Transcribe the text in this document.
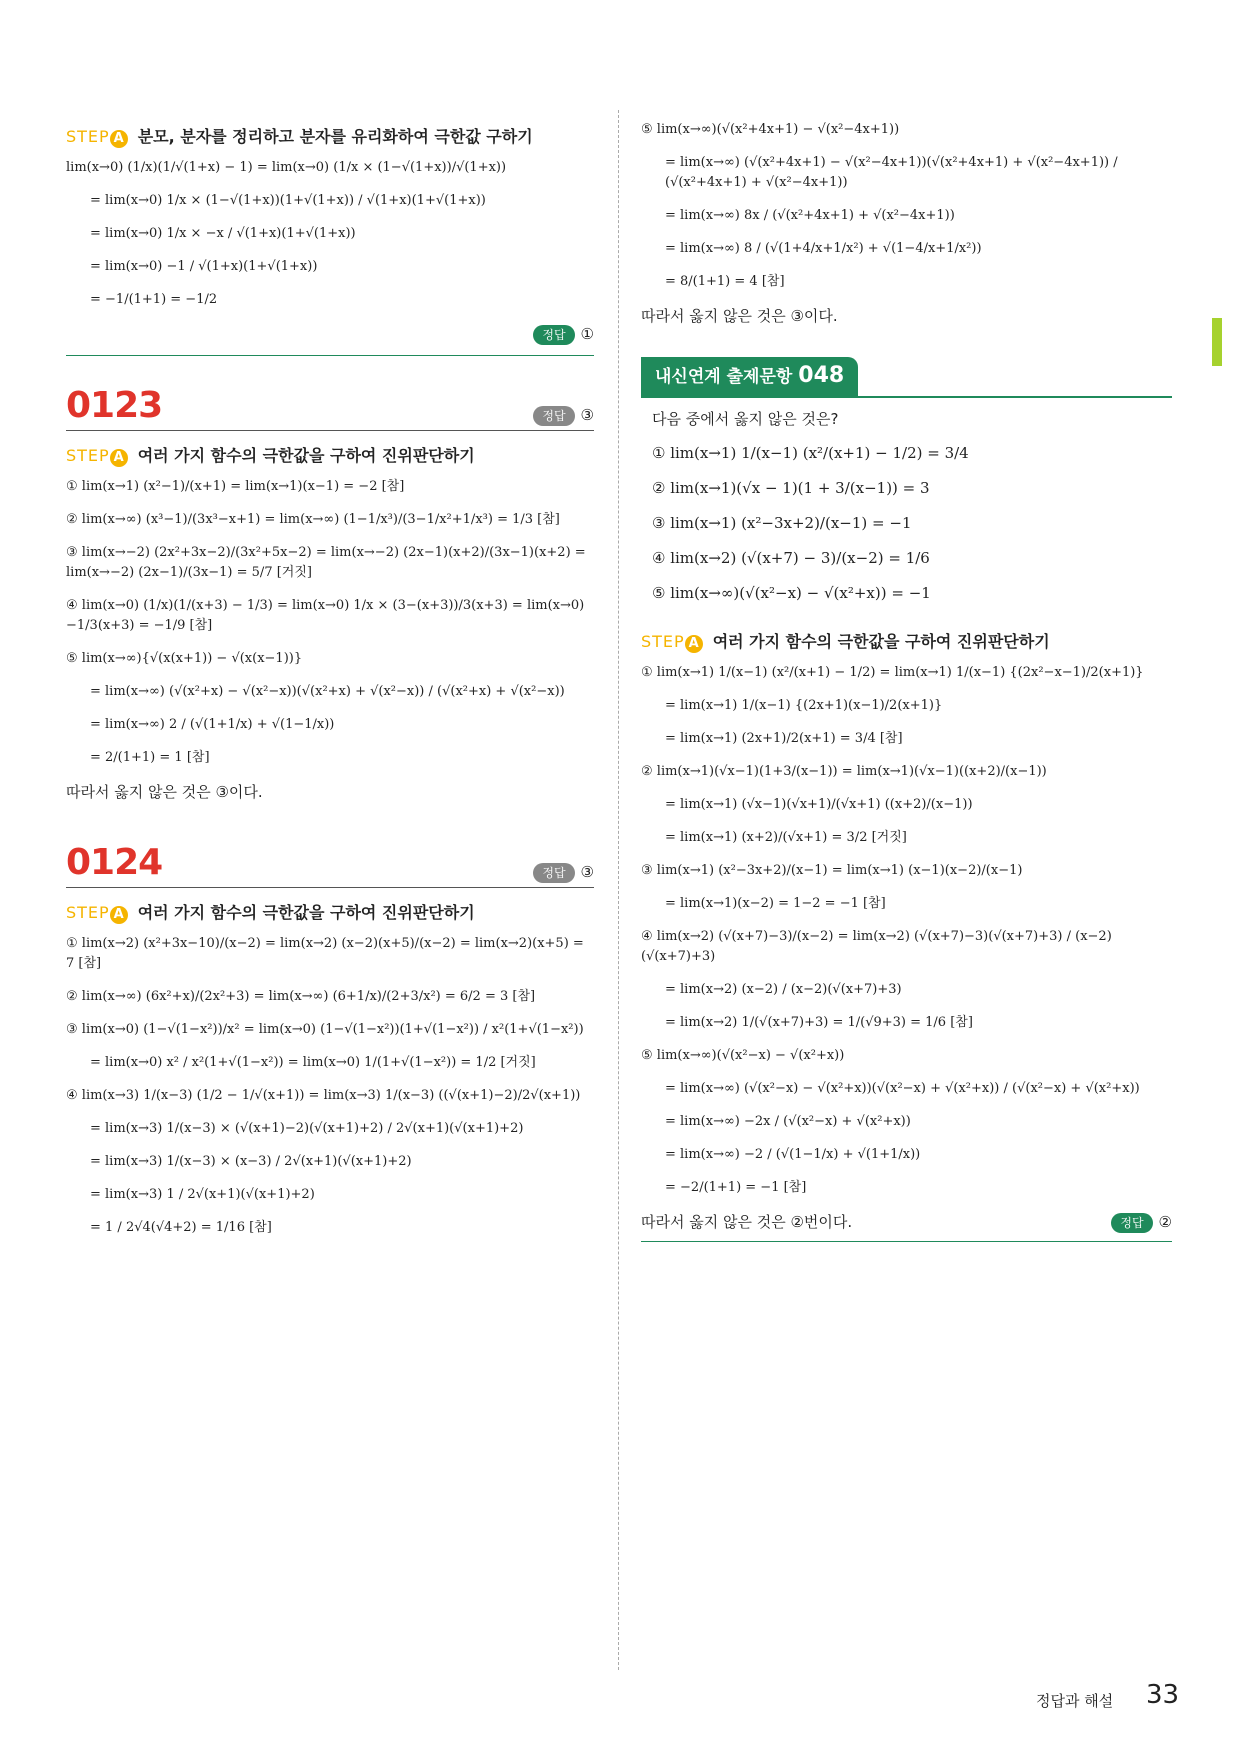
STEP A 분모, 분자를 정리하고 분자를 유리화하여 극한값 구하기
lim(x→0) (1/x)(1/√(1+x) − 1) = lim(x→0) (1/x × (1−√(1+x))/√(1+x))
= lim(x→0) 1/x × (1−√(1+x))(1+√(1+x)) / √(1+x)(1+√(1+x))
= lim(x→0) 1/x × −x / √(1+x)(1+√(1+x))
= lim(x→0) −1 / √(1+x)(1+√(1+x))
= −1/(1+1) = −1/2
정답 ①
0123	정답 ③
STEP A 여러 가지 함수의 극한값을 구하여 진위판단하기
① lim(x→1) (x²−1)/(x+1) = lim(x→1)(x−1) = −2 [참]
② lim(x→∞) (x³−1)/(3x³−x+1) = lim(x→∞) (1−1/x³)/(3−1/x²+1/x³) = 1/3 [참]
③ lim(x→−2) (2x²+3x−2)/(3x²+5x−2) = lim(x→−2) (2x−1)(x+2)/(3x−1)(x+2) = lim(x→−2) (2x−1)/(3x−1) = 5/7 [거짓]
④ lim(x→0) (1/x)(1/(x+3) − 1/3) = lim(x→0) 1/x × (3−(x+3))/3(x+3) = lim(x→0) −1/3(x+3) = −1/9 [참]
⑤ lim(x→∞){√(x(x+1)) − √(x(x−1))}
= lim(x→∞) (√(x²+x) − √(x²−x))(√(x²+x) + √(x²−x)) / (√(x²+x) + √(x²−x))
= lim(x→∞) 2 / (√(1+1/x) + √(1−1/x))
= 2/(1+1) = 1 [참]
따라서 옳지 않은 것은 ③이다.
0124	정답 ③
STEP A 여러 가지 함수의 극한값을 구하여 진위판단하기
① lim(x→2) (x²+3x−10)/(x−2) = lim(x→2) (x−2)(x+5)/(x−2) = lim(x→2)(x+5) = 7 [참]
② lim(x→∞) (6x²+x)/(2x²+3) = lim(x→∞) (6+1/x)/(2+3/x²) = 6/2 = 3 [참]
③ lim(x→0) (1−√(1−x²))/x² = lim(x→0) (1−√(1−x²))(1+√(1−x²)) / x²(1+√(1−x²))
= lim(x→0) x² / x²(1+√(1−x²)) = lim(x→0) 1/(1+√(1−x²)) = 1/2 [거짓]
④ lim(x→3) 1/(x−3) (1/2 − 1/√(x+1)) = lim(x→3) 1/(x−3) ((√(x+1)−2)/2√(x+1))
= lim(x→3) 1/(x−3) × (√(x+1)−2)(√(x+1)+2) / 2√(x+1)(√(x+1)+2)
= lim(x→3) 1/(x−3) × (x−3) / 2√(x+1)(√(x+1)+2)
= lim(x→3) 1 / 2√(x+1)(√(x+1)+2)
= 1 / 2√4(√4+2) = 1/16 [참]
⑤ lim(x→∞)(√(x²+4x+1) − √(x²−4x+1))
= lim(x→∞) (√(x²+4x+1) − √(x²−4x+1))(√(x²+4x+1) + √(x²−4x+1)) / (√(x²+4x+1) + √(x²−4x+1))
= lim(x→∞) 8x / (√(x²+4x+1) + √(x²−4x+1))
= lim(x→∞) 8 / (√(1+4/x+1/x²) + √(1−4/x+1/x²))
= 8/(1+1) = 4 [참]
따라서 옳지 않은 것은 ③이다.
내신연계 출제문항 048
다음 중에서 옳지 않은 것은?
① lim(x→1) 1/(x−1) (x²/(x+1) − 1/2) = 3/4
② lim(x→1)(√x − 1)(1 + 3/(x−1)) = 3
③ lim(x→1) (x²−3x+2)/(x−1) = −1
④ lim(x→2) (√(x+7) − 3)/(x−2) = 1/6
⑤ lim(x→∞)(√(x²−x) − √(x²+x)) = −1
STEP A 여러 가지 함수의 극한값을 구하여 진위판단하기
① lim(x→1) 1/(x−1) (x²/(x+1) − 1/2) = lim(x→1) 1/(x−1) {(2x²−x−1)/2(x+1)}
= lim(x→1) 1/(x−1) {(2x+1)(x−1)/2(x+1)}
= lim(x→1) (2x+1)/2(x+1) = 3/4 [참]
② lim(x→1)(√x−1)(1+3/(x−1)) = lim(x→1)(√x−1)((x+2)/(x−1))
= lim(x→1) (√x−1)(√x+1)/(√x+1) ((x+2)/(x−1))
= lim(x→1) (x+2)/(√x+1) = 3/2 [거짓]
③ lim(x→1) (x²−3x+2)/(x−1) = lim(x→1) (x−1)(x−2)/(x−1)
= lim(x→1)(x−2) = 1−2 = −1 [참]
④ lim(x→2) (√(x+7)−3)/(x−2) = lim(x→2) (√(x+7)−3)(√(x+7)+3) / (x−2)(√(x+7)+3)
= lim(x→2) (x−2) / (x−2)(√(x+7)+3)
= lim(x→2) 1/(√(x+7)+3) = 1/(√9+3) = 1/6 [참]
⑤ lim(x→∞)(√(x²−x) − √(x²+x))
= lim(x→∞) (√(x²−x) − √(x²+x))(√(x²−x) + √(x²+x)) / (√(x²−x) + √(x²+x))
= lim(x→∞) −2x / (√(x²−x) + √(x²+x))
= lim(x→∞) −2 / (√(1−1/x) + √(1+1/x))
= −2/(1+1) = −1 [참]
따라서 옳지 않은 것은 ②번이다.	정답 ②
정답과 해설 33
